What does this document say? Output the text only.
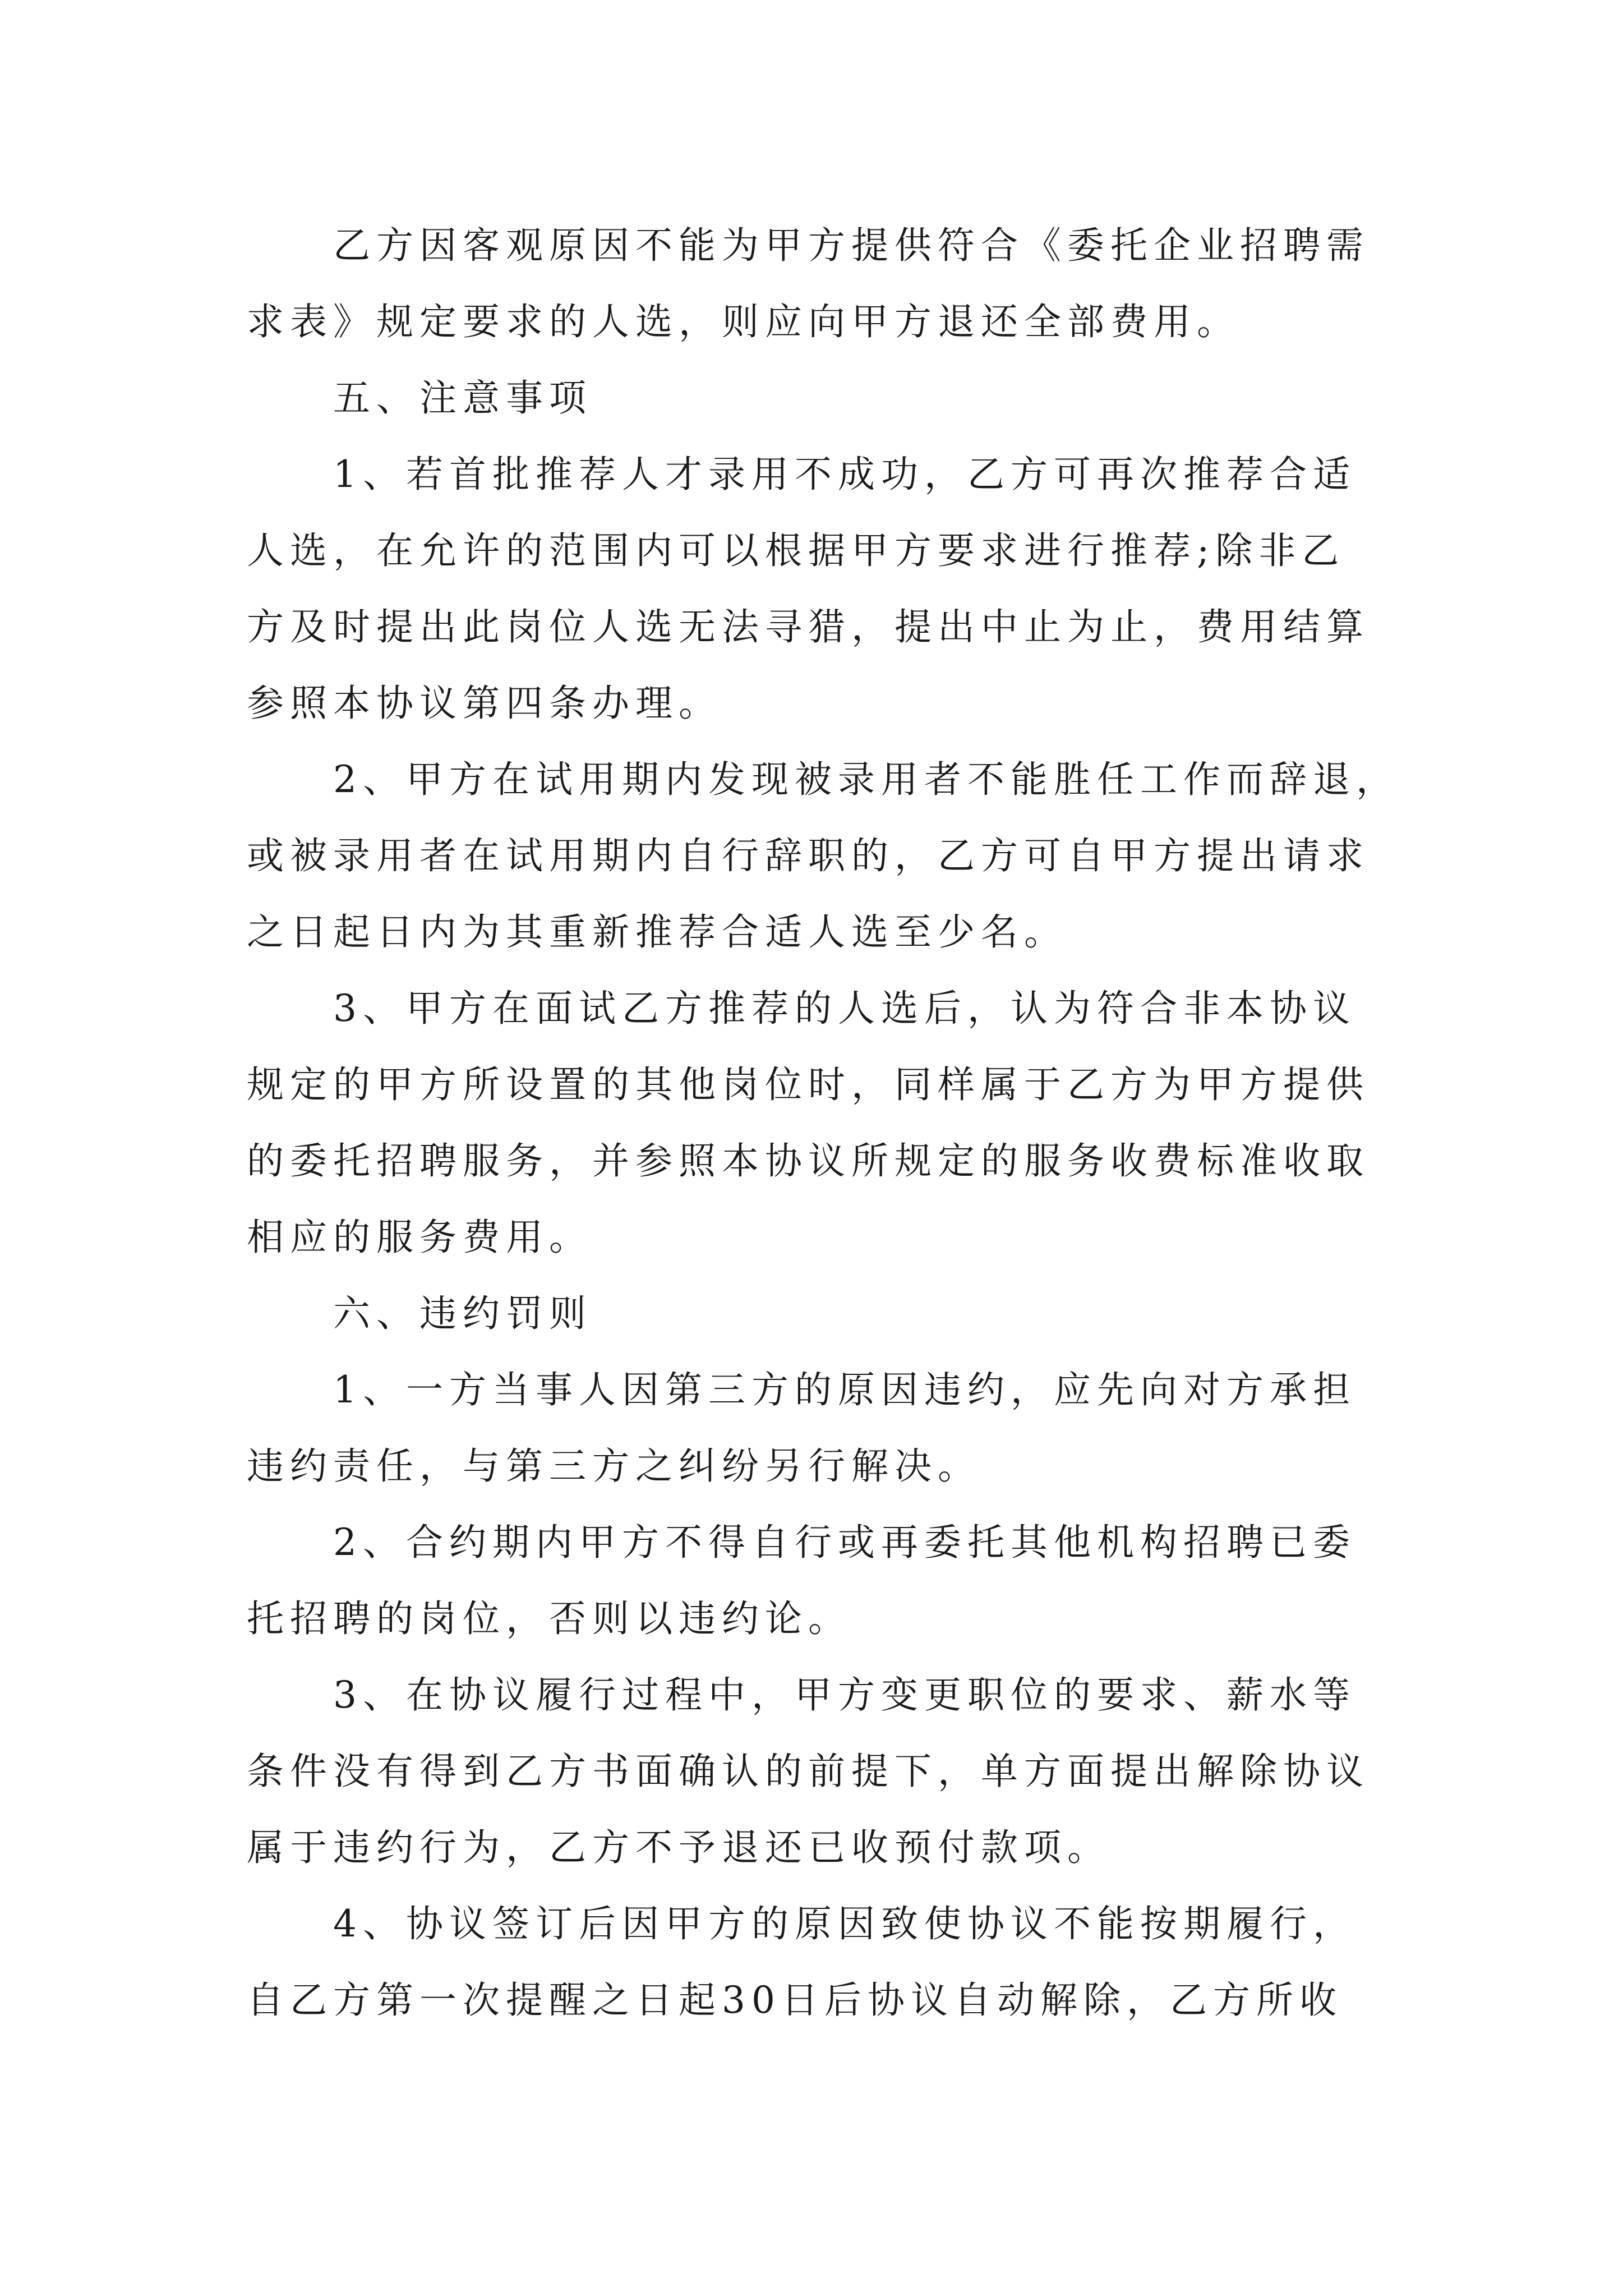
乙方因客观原因不能为甲方提供符合《委托企业招聘需
求表》规定要求的人选，则应向甲方退还全部费用。
五、注意事项
1、若首批推荐人才录用不成功，乙方可再次推荐合适
人选，在允许的范围内可以根据甲方要求进行推荐;除非乙
方及时提出此岗位人选无法寻猎，提出中止为止，费用结算
参照本协议第四条办理。
2、甲方在试用期内发现被录用者不能胜任工作而辞退，
或被录用者在试用期内自行辞职的，乙方可自甲方提出请求
之日起日内为其重新推荐合适人选至少名。
3、甲方在面试乙方推荐的人选后，认为符合非本协议
规定的甲方所设置的其他岗位时，同样属于乙方为甲方提供
的委托招聘服务，并参照本协议所规定的服务收费标准收取
相应的服务费用。
六、违约罚则
1、一方当事人因第三方的原因违约，应先向对方承担
违约责任，与第三方之纠纷另行解决。
2、合约期内甲方不得自行或再委托其他机构招聘已委
托招聘的岗位，否则以违约论。
3、在协议履行过程中，甲方变更职位的要求、薪水等
条件没有得到乙方书面确认的前提下，单方面提出解除协议
属于违约行为，乙方不予退还已收预付款项。
4、协议签订后因甲方的原因致使协议不能按期履行，
自乙方第一次提醒之日起30日后协议自动解除，乙方所收
